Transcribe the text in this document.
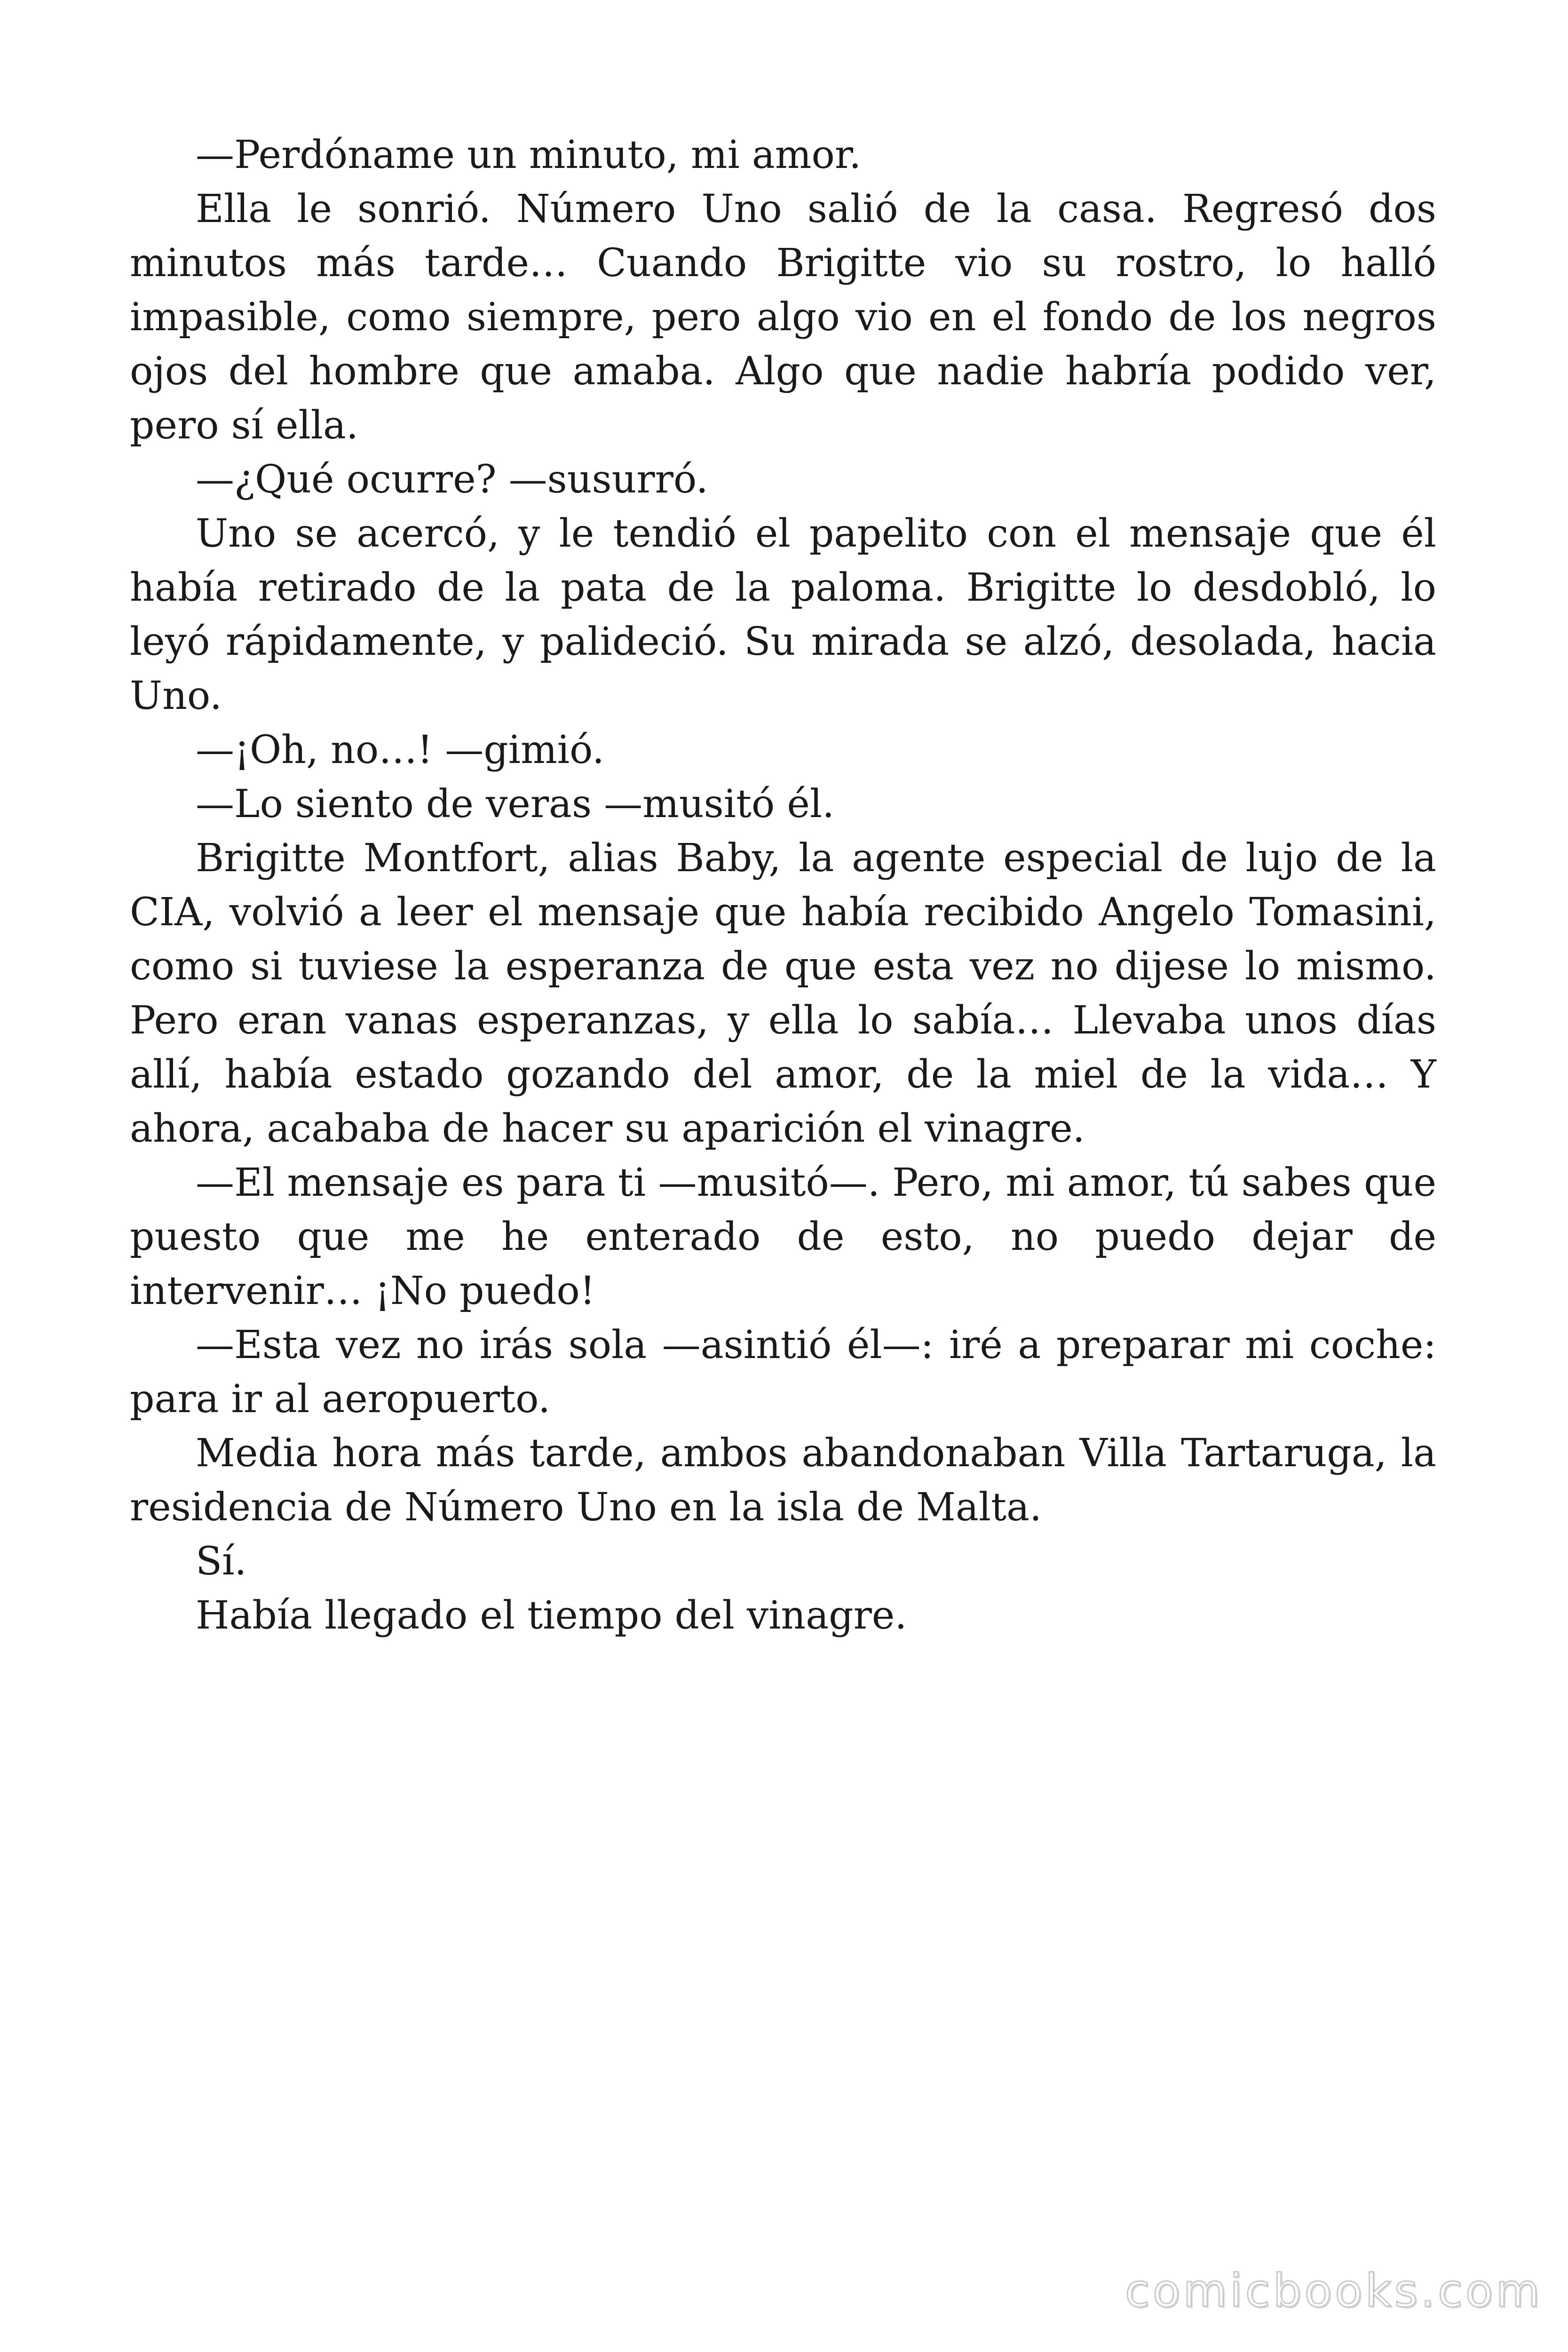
—Perdóname un minuto, mi amor.

Ella le sonrió. Número Uno salió de la casa. Regresó dos minutos más tarde… Cuando Brigitte vio su rostro, lo halló impasible, como siempre, pero algo vio en el fondo de los negros ojos del hombre que amaba. Algo que nadie habría podido ver, pero sí ella.

—¿Qué ocurre? —susurró.

Uno se acercó, y le tendió el papelito con el mensaje que él había retirado de la pata de la paloma. Brigitte lo desdobló, lo leyó rápidamente, y palideció. Su mirada se alzó, desolada, hacia Uno.

—¡Oh, no…! —gimió.

—Lo siento de veras —musitó él.

Brigitte Montfort, alias Baby, la agente especial de lujo de la CIA, volvió a leer el mensaje que había recibido Angelo Tomasini, como si tuviese la esperanza de que esta vez no dijese lo mismo. Pero eran vanas esperanzas, y ella lo sabía… Llevaba unos días allí, había estado gozando del amor, de la miel de la vida… Y ahora, acababa de hacer su aparición el vinagre.

—El mensaje es para ti —musitó—. Pero, mi amor, tú sabes que puesto que me he enterado de esto, no puedo dejar de intervenir… ¡No puedo!

—Esta vez no irás sola —asintió él—: iré a preparar mi coche: para ir al aeropuerto.

Media hora más tarde, ambos abandonaban Villa Tartaruga, la residencia de Número Uno en la isla de Malta.

Sí.

Había llegado el tiempo del vinagre.

comicbooks.com
